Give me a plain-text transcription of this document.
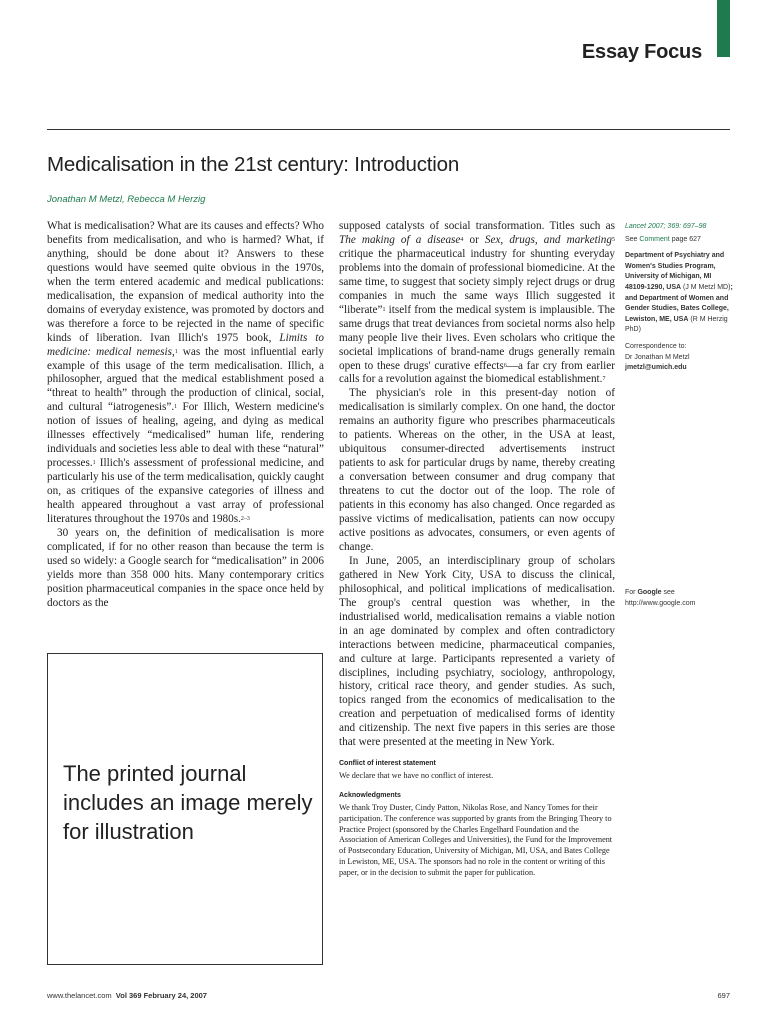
Essay Focus
Medicalisation in the 21st century: Introduction
Jonathan M Metzl, Rebecca M Herzig

What is medicalisation? What are its causes and effects? Who benefits from medicalisation, and who is harmed? What, if anything, should be done about it? Answers to these questions would have seemed quite obvious in the 1970s, when the term entered academic and medical publications: medicalisation, the expansion of medical authority into the domains of everyday existence, was promoted by doctors and was therefore a force to be rejected in the name of specific kinds of liberation. Ivan Illich's 1975 book, Limits to medicine: medical nemesis,$^1$ was the most influential early example of this usage of the term medicalisation. Illich, a philosopher, argued that the medical establishment posed a “threat to health” through the production of clinical, social, and cultural “iatrogenesis”.$^1$ For Illich, Western medicine's notion of issues of healing, ageing, and dying as medical illnesses effectively “medicalised” human life, rendering individuals and societies less able to deal with these “natural” processes.$^1$ Illich's assessment of professional medicine, and particularly his use of the term medicalisation, quickly caught on, as critiques of the expansive categories of illness and health appeared throughout a vast array of professional literatures throughout the 1970s and 1980s.$^{2-3}$

30 years on, the definition of medicalisation is more complicated, if for no other reason than because the term is used so widely: a Google search for “medicalisation” in 2006 yields more than 358 000 hits. Many contemporary critics position pharmaceutical companies in the space once held by doctors as the

The printed journal includes an image merely for illustration

supposed catalysts of social transformation. Titles such as The making of a disease$^4$ or Sex, drugs, and marketing$^5$ critique the pharmaceutical industry for shunting everyday problems into the domain of professional biomedicine. At the same time, to suggest that society simply reject drugs or drug companies in much the same ways Illich suggested it “liberate”$^1$ itself from the medical system is implausible. The same drugs that treat deviances from societal norms also help many people live their lives. Even scholars who critique the societal implications of brand-name drugs generally remain open to these drugs' curative effects$^6$—a far cry from earlier calls for a revolution against the biomedical establishment.$^7$

The physician's role in this present-day notion of medicalisation is similarly complex. On one hand, the doctor remains an authority figure who prescribes pharmaceuticals to patients. Whereas on the other, in the USA at least, ubiquitous consumer-directed advertisements instruct patients to ask for particular drugs by name, thereby creating a conversation between consumer and drug company that threatens to cut the doctor out of the loop. The role of patients in this economy has also changed. Once regarded as passive victims of medicalisation, patients can now occupy active positions as advocates, consumers, or even agents of change.

In June, 2005, an interdisciplinary group of scholars gathered in New York City, USA to discuss the clinical, philosophical, and political implications of medicalisation. The group's central question was whether, in the industrialised world, medicalisation remains a viable notion in an age dominated by complex and often contradictory interactions between medicine, pharmaceutical companies, and culture at large. Participants represented a variety of disciplines, including psychiatry, sociology, anthropology, history, critical race theory, and gender studies. As such, topics ranged from the economics of medicalisation to the creation and perpetuation of medicalised forms of identity and citizenship. The next five papers in this series are those that were presented at the meeting in New York.

Conflict of interest statement
We declare that we have no conflict of interest.
Acknowledgments
We thank Troy Duster, Cindy Patton, Nikolas Rose, and Nancy Tomes for their participation. The conference was supported by grants from the Bringing Theory to Practice Project (sponsored by the Charles Engelhard Foundation and the Association of American Colleges and Universities), the Fund for the Improvement of Postsecondary Education, University of Michigan, MI, USA, and Bates College in Lewiston, ME, USA. The sponsors had no role in the content or writing of this paper, or in the decision to submit the paper for publication.
Lancet 2007; 369: 697–98
See Comment page 627
Department of Psychiatry and Women's Studies Program, University of Michigan, MI 48109-1290, USA (J M Metzl MD); and Department of Women and Gender Studies, Bates College, Lewiston, ME, USA (R M Herzig PhD)
Correspondence to:
Dr Jonathan M Metzl
jmetzl@umich.edu
For Google see
http://www.google.com
www.thelancet.com Vol 369 February 24, 2007	697
